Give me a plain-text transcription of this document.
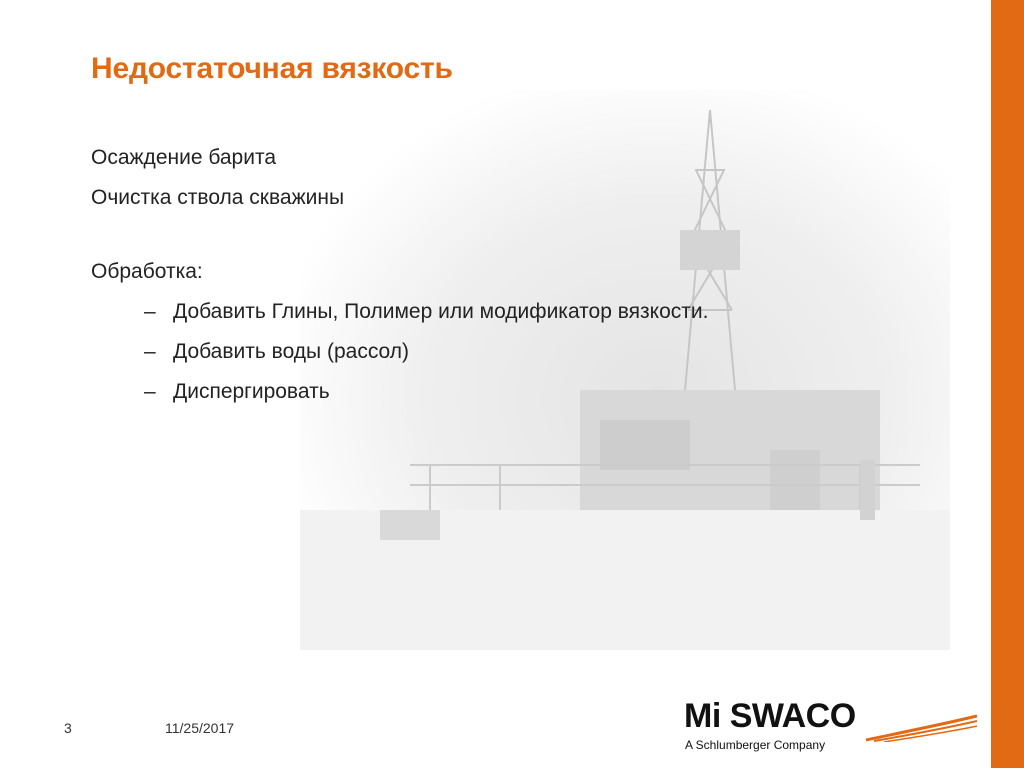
Недостаточная вязкость
Осаждение барита
Очистка ствола скважины
Обработка:
– Добавить Глины, Полимер или модификатор вязкости.
– Добавить воды (рассол)
– Диспергировать
3	11/25/2017	Mi SWACO
A Schlumberger Company
